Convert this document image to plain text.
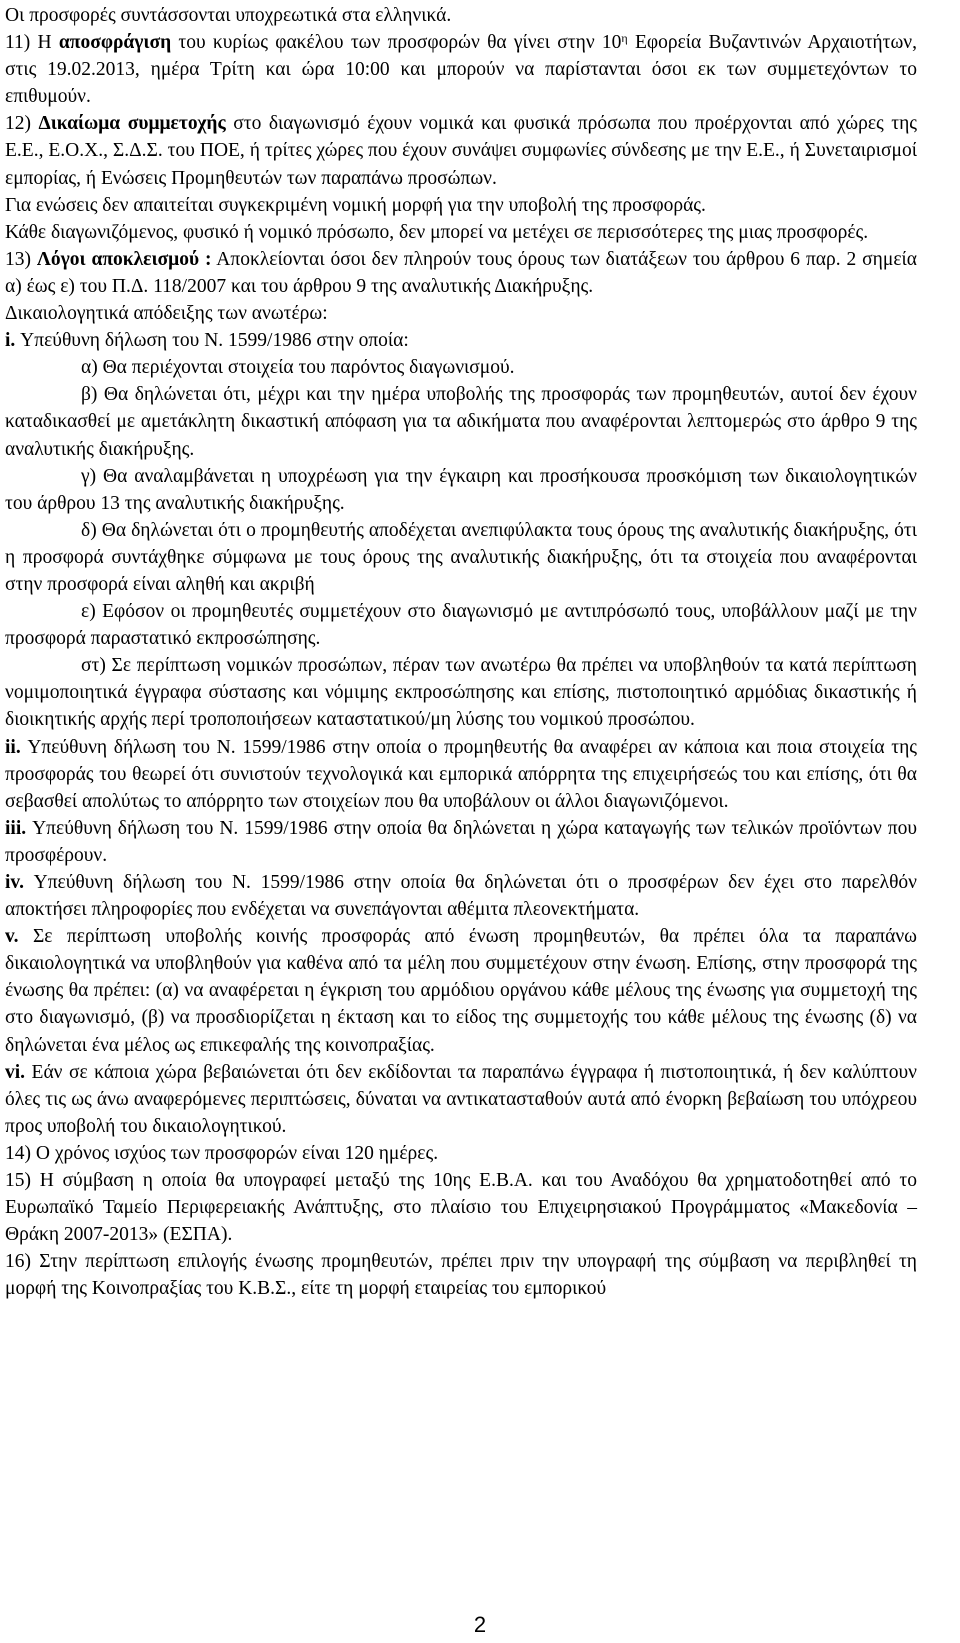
Οι προσφορές συντάσσονται υποχρεωτικά στα ελληνικά.

11) Η αποσφράγιση του κυρίως φακέλου των προσφορών θα γίνει στην $10^\eta$ Εφορεία Βυζαντινών Αρχαιοτήτων, στις 19.02.2013, ημέρα Τρίτη και ώρα 10:00 και μπορούν να παρίστανται όσοι εκ των συμμετεχόντων το επιθυμούν.

12) Δικαίωμα συμμετοχής στο διαγωνισμό έχουν νομικά και φυσικά πρόσωπα που προέρχονται από χώρες της Ε.Ε., Ε.Ο.Χ., Σ.Δ.Σ. του ΠΟΕ, ή τρίτες χώρες που έχουν συνάψει συμφωνίες σύνδεσης με την Ε.Ε., ή Συνεταιρισμοί εμπορίας, ή Ενώσεις Προμηθευτών των παραπάνω προσώπων.

Για ενώσεις δεν απαιτείται συγκεκριμένη νομική μορφή για την υποβολή της προσφοράς.

Κάθε διαγωνιζόμενος, φυσικό ή νομικό πρόσωπο, δεν μπορεί να μετέχει σε περισσότερες της μιας προσφορές.

13) Λόγοι αποκλεισμού : Αποκλείονται όσοι δεν πληρούν τους όρους των διατάξεων του άρθρου 6 παρ. 2 σημεία α) έως ε) του Π.Δ. 118/2007 και του άρθρου 9 της αναλυτικής Διακήρυξης.

Δικαιολογητικά απόδειξης των ανωτέρω:

i. Υπεύθυνη δήλωση του Ν. 1599/1986 στην οποία:

α) Θα περιέχονται στοιχεία του παρόντος διαγωνισμού.

β) Θα δηλώνεται ότι, μέχρι και την ημέρα υποβολής της προσφοράς των προμηθευτών, αυτοί δεν έχουν καταδικασθεί με αμετάκλητη δικαστική απόφαση για τα αδικήματα που αναφέρονται λεπτομερώς στο άρθρο 9 της αναλυτικής διακήρυξης.

γ) Θα αναλαμβάνεται η υποχρέωση για την έγκαιρη και προσήκουσα προσκόμιση των δικαιολογητικών του άρθρου 13 της αναλυτικής διακήρυξης.

δ) Θα δηλώνεται ότι ο προμηθευτής αποδέχεται ανεπιφύλακτα τους όρους της αναλυτικής διακήρυξης, ότι η προσφορά συντάχθηκε σύμφωνα με τους όρους της αναλυτικής διακήρυξης, ότι τα στοιχεία που αναφέρονται στην προσφορά είναι αληθή και ακριβή

ε) Εφόσον οι προμηθευτές συμμετέχουν στο διαγωνισμό με αντιπρόσωπό τους, υποβάλλουν μαζί με την προσφορά παραστατικό εκπροσώπησης.

στ) Σε περίπτωση νομικών προσώπων, πέραν των ανωτέρω θα πρέπει να υποβληθούν τα κατά περίπτωση νομιμοποιητικά έγγραφα σύστασης και νόμιμης εκπροσώπησης και επίσης, πιστοποιητικό αρμόδιας δικαστικής ή διοικητικής αρχής περί τροποποιήσεων καταστατικού/μη λύσης του νομικού προσώπου.

ii. Υπεύθυνη δήλωση του Ν. 1599/1986 στην οποία ο προμηθευτής θα αναφέρει αν κάποια και ποια στοιχεία της προσφοράς του θεωρεί ότι συνιστούν τεχνολογικά και εμπορικά απόρρητα της επιχειρήσεώς του και επίσης, ότι θα σεβασθεί απολύτως το απόρρητο των στοιχείων που θα υποβάλουν οι άλλοι διαγωνιζόμενοι.

iii. Υπεύθυνη δήλωση του Ν. 1599/1986 στην οποία θα δηλώνεται η χώρα καταγωγής των τελικών προϊόντων που προσφέρουν.

iv. Υπεύθυνη δήλωση του Ν. 1599/1986 στην οποία θα δηλώνεται ότι ο προσφέρων δεν έχει στο παρελθόν αποκτήσει πληροφορίες που ενδέχεται να συνεπάγονται αθέμιτα πλεονεκτήματα.

v. Σε περίπτωση υποβολής κοινής προσφοράς από ένωση προμηθευτών, θα πρέπει όλα τα παραπάνω δικαιολογητικά να υποβληθούν για καθένα από τα μέλη που συμμετέχουν στην ένωση. Επίσης, στην προσφορά της ένωσης θα πρέπει: (α) να αναφέρεται η έγκριση του αρμόδιου οργάνου κάθε μέλους της ένωσης για συμμετοχή της στο διαγωνισμό, (β) να προσδιορίζεται η έκταση και το είδος της συμμετοχής του κάθε μέλους της ένωσης (δ) να δηλώνεται ένα μέλος ως επικεφαλής της κοινοπραξίας.

vi. Εάν σε κάποια χώρα βεβαιώνεται ότι δεν εκδίδονται τα παραπάνω έγγραφα ή πιστοποιητικά, ή δεν καλύπτουν όλες τις ως άνω αναφερόμενες περιπτώσεις, δύναται να αντικατασταθούν αυτά από ένορκη βεβαίωση του υπόχρεου προς υποβολή του δικαιολογητικού.

14) Ο χρόνος ισχύος των προσφορών είναι 120 ημέρες.

15) Η σύμβαση η οποία θα υπογραφεί μεταξύ της 10ης Ε.Β.Α. και του Αναδόχου θα χρηματοδοτηθεί από το Ευρωπαϊκό Ταμείο Περιφερειακής Ανάπτυξης, στο πλαίσιο του Επιχειρησιακού Προγράμματος «Μακεδονία – Θράκη 2007-2013» (ΕΣΠΑ).

16) Στην περίπτωση επιλογής ένωσης προμηθευτών, πρέπει πριν την υπογραφή της σύμβαση να περιβληθεί τη μορφή της Κοινοπραξίας του Κ.Β.Σ., είτε τη μορφή εταιρείας του εμπορικού

2
